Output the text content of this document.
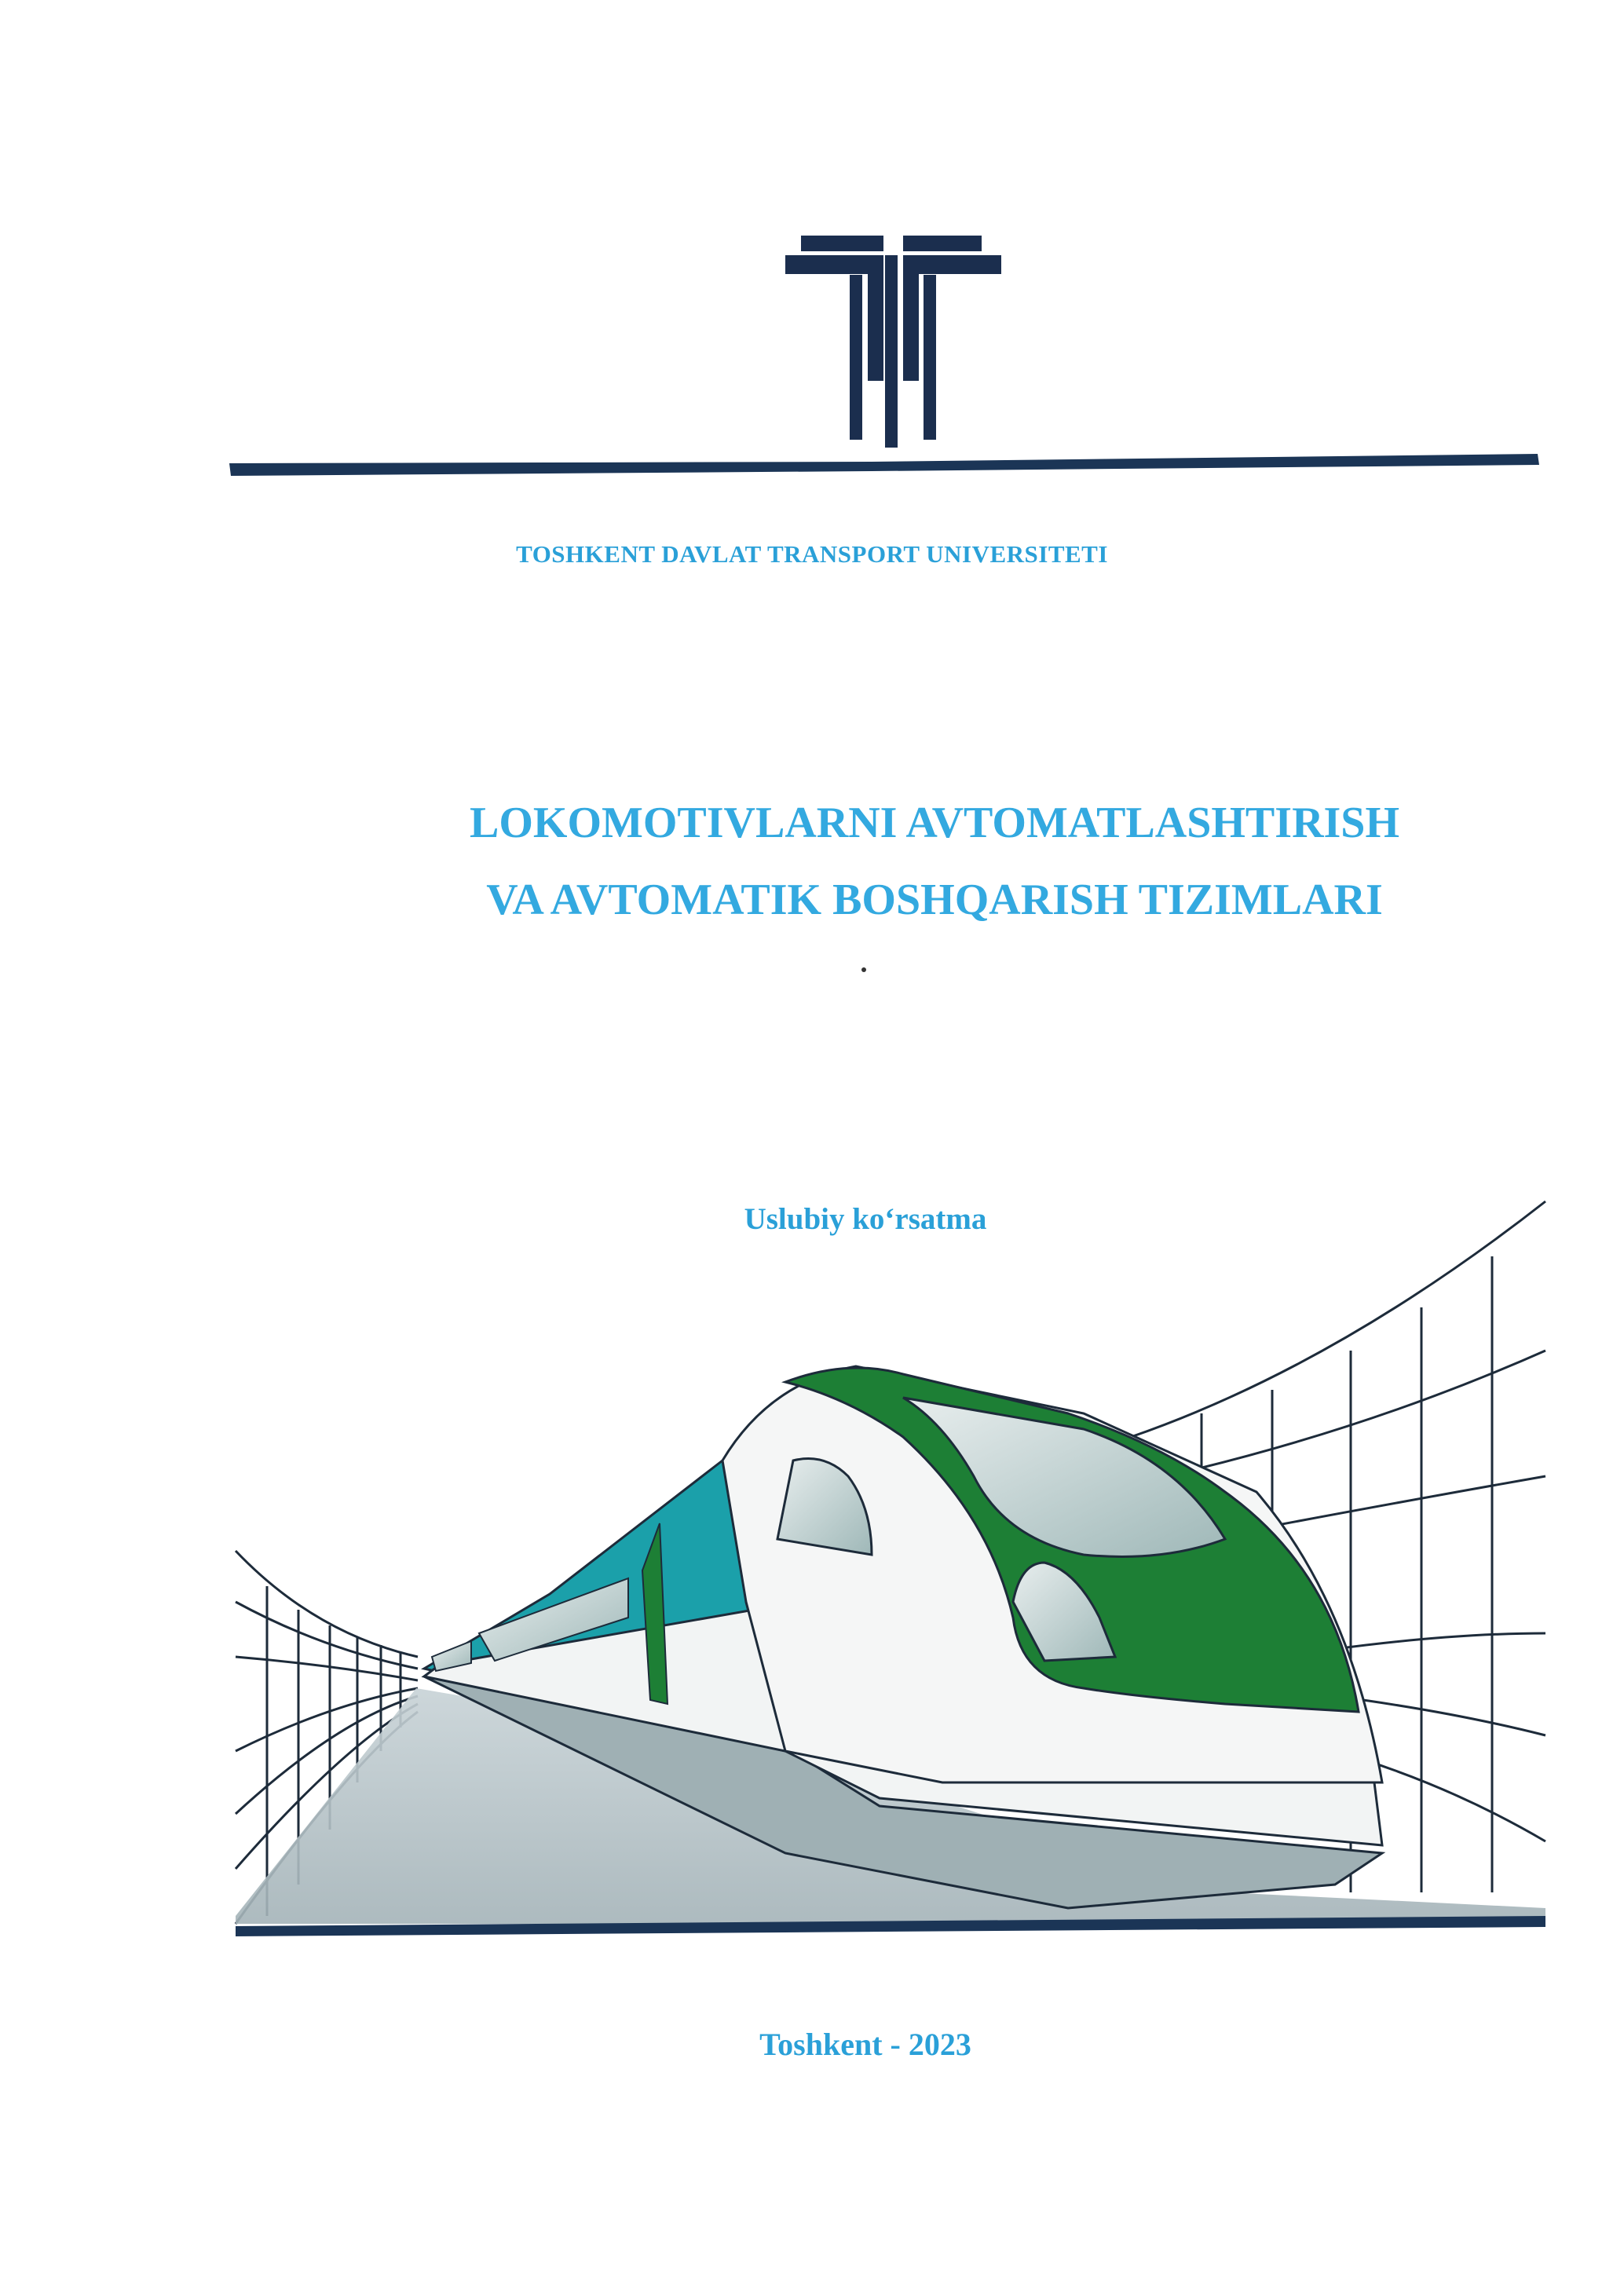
TOSHKENT DAVLAT TRANSPORT UNIVERSITETI
LOKOMOTIVLARNI AVTOMATLASHTIRISH
VA AVTOMATIK BOSHQARISH TIZIMLARI
Uslubiy ko‘rsatma
Toshkent - 2023
